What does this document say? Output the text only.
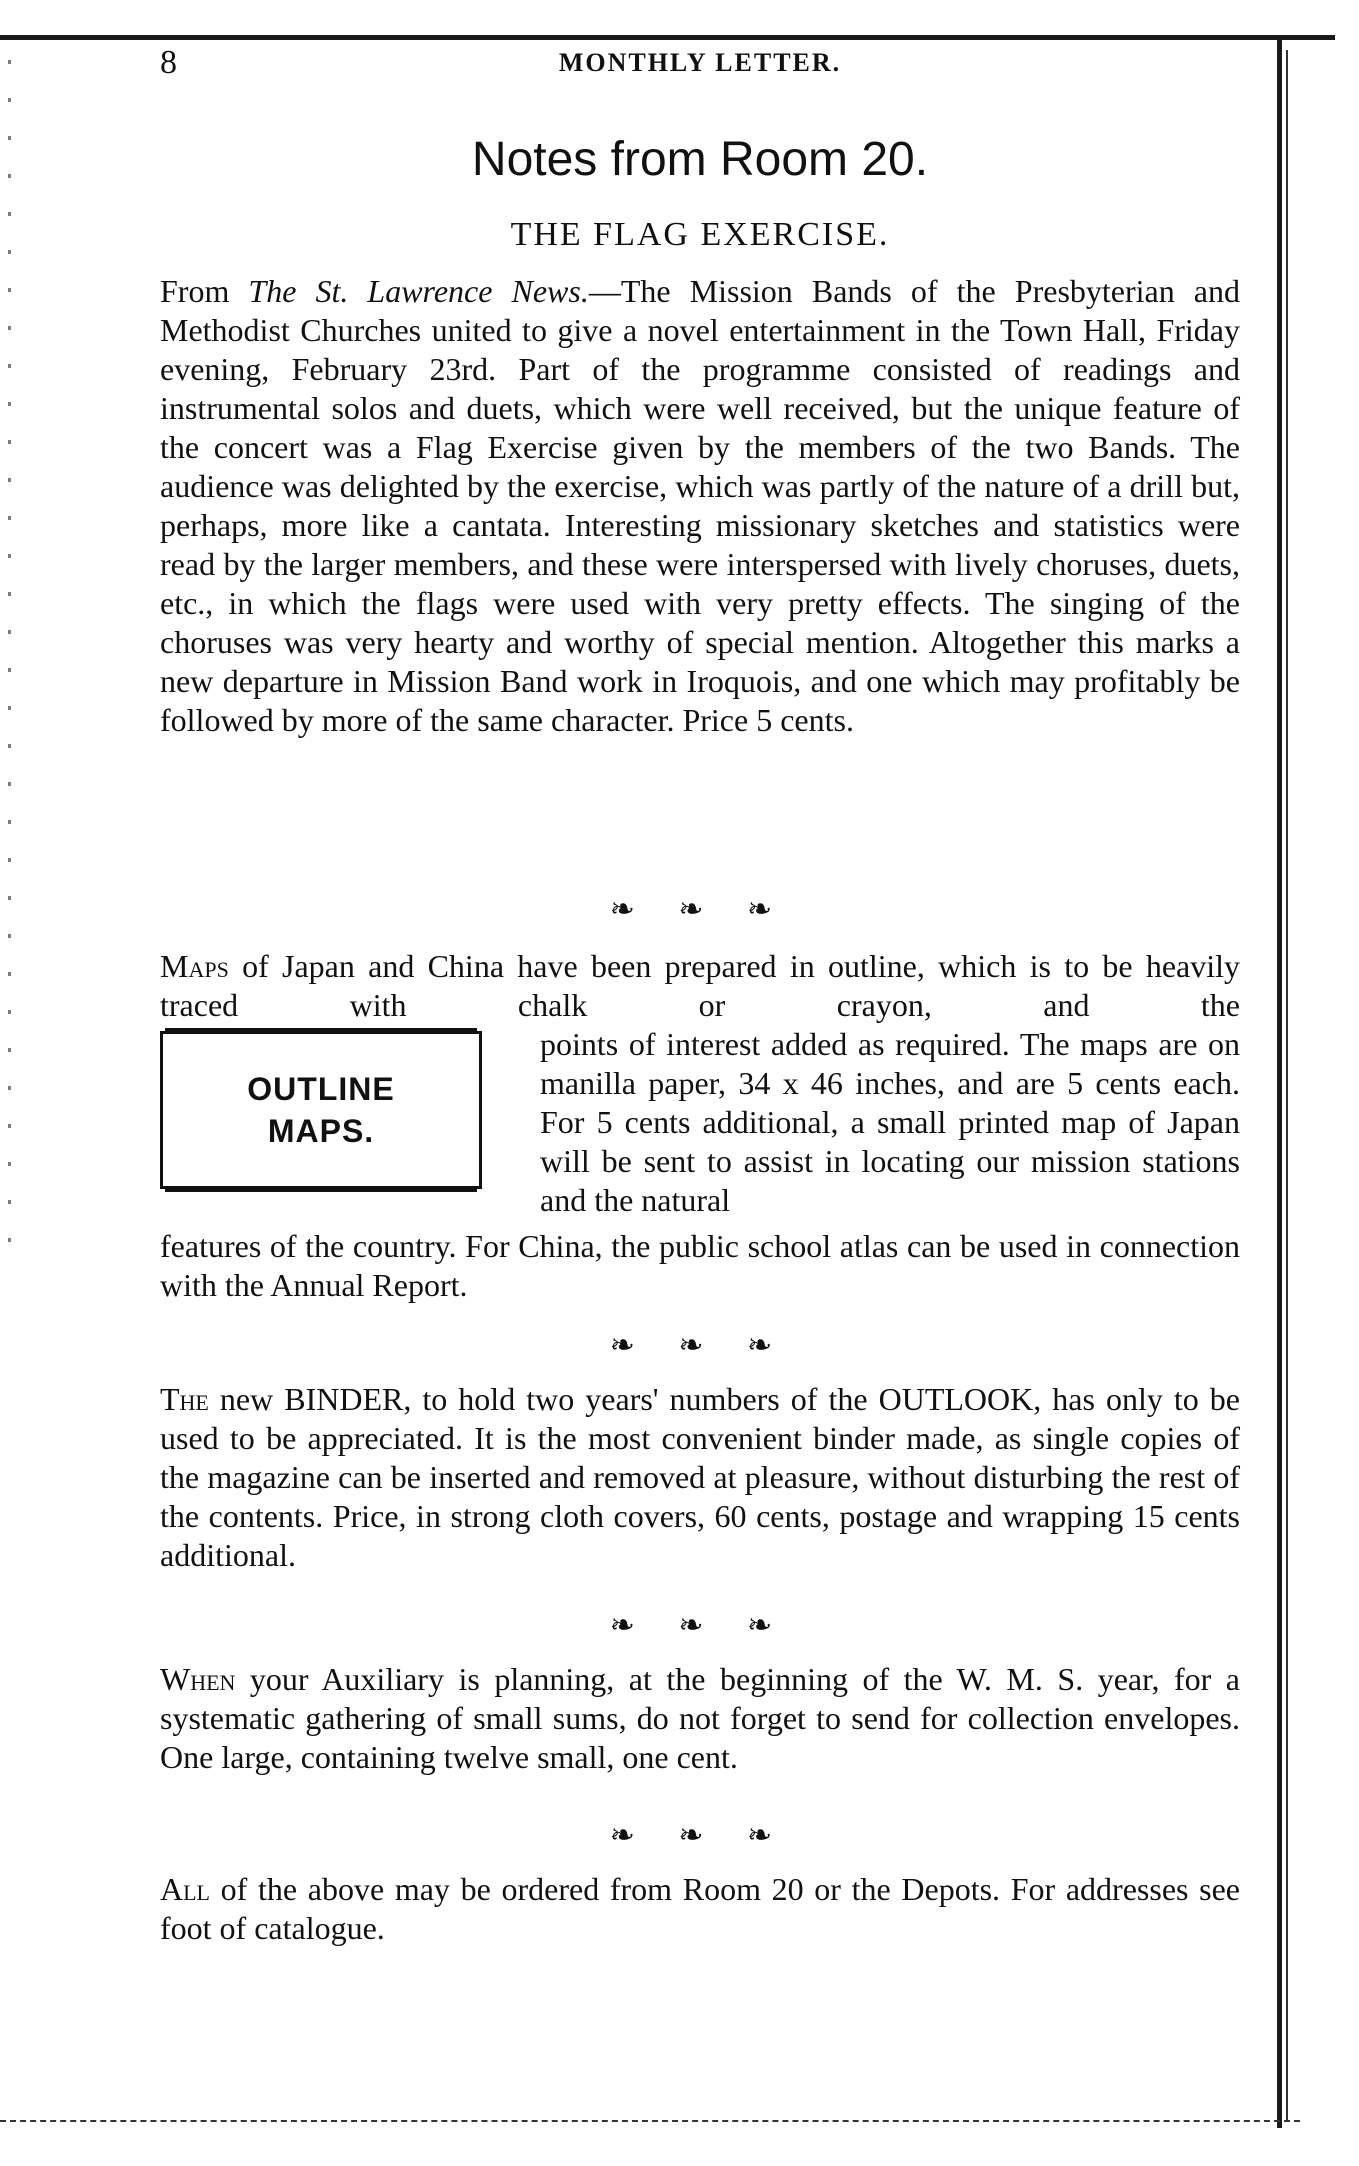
8	MONTHLY LETTER.
Notes from Room 20.
THE FLAG EXERCISE.
From The St. Lawrence News.—The Mission Bands of the Presbyterian and Methodist Churches united to give a novel entertainment in the Town Hall, Friday evening, February 23rd. Part of the programme consisted of readings and instrumental solos and duets, which were well received, but the unique feature of the concert was a Flag Exercise given by the members of the two Bands. The audience was delighted by the exercise, which was partly of the nature of a drill but, perhaps, more like a cantata. Interesting missionary sketches and statistics were read by the larger members, and these were interspersed with lively choruses, duets, etc., in which the flags were used with very pretty effects. The singing of the choruses was very hearty and worthy of special mention. Altogether this marks a new departure in Mission Band work in Iroquois, and one which may profitably be followed by more of the same character. Price 5 cents.
❧ ❧ ❧
Maps of Japan and China have been prepared in outline, which is to be heavily traced with chalk or crayon, and the
OUTLINE
MAPS.
points of interest added as required. The maps are on manilla paper, 34 x 46 inches, and are 5 cents each. For 5 cents additional, a small printed map of Japan will be sent to assist in locating our mission stations and the natural
features of the country. For China, the public school atlas can be used in connection with the Annual Report.
❧ ❧ ❧
The new BINDER, to hold two years' numbers of the OUTLOOK, has only to be used to be appreciated. It is the most convenient binder made, as single copies of the magazine can be inserted and removed at pleasure, without disturbing the rest of the contents. Price, in strong cloth covers, 60 cents, postage and wrapping 15 cents additional.
❧ ❧ ❧
When your Auxiliary is planning, at the beginning of the W. M. S. year, for a systematic gathering of small sums, do not forget to send for collection envelopes. One large, containing twelve small, one cent.
❧ ❧ ❧
All of the above may be ordered from Room 20 or the Depots. For addresses see foot of catalogue.
